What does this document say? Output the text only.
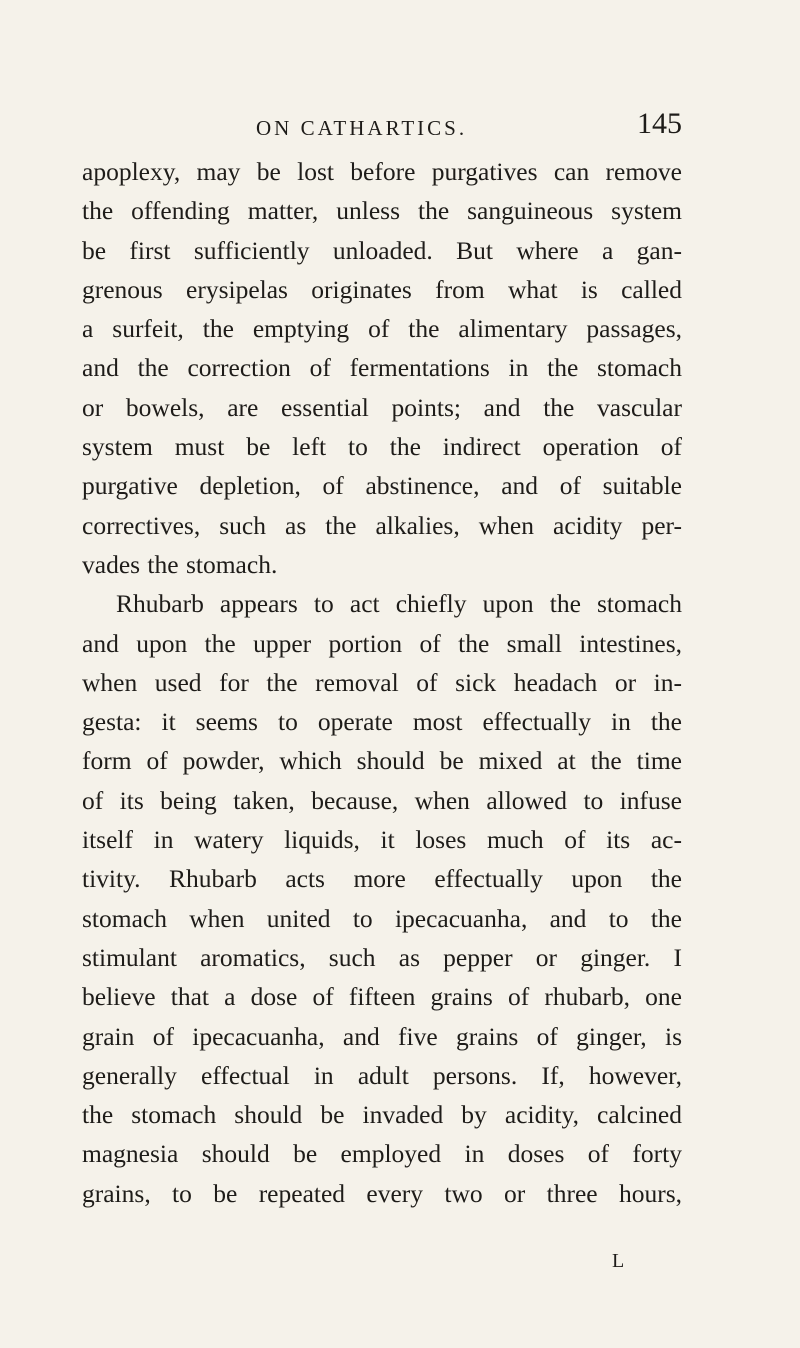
ON CATHARTICS.	145
apoplexy, may be lost before purgatives can remove
the offending matter, unless the sanguineous system
be first sufficiently unloaded. But where a gan-
grenous erysipelas originates from what is called
a surfeit, the emptying of the alimentary passages,
and the correction of fermentations in the stomach
or bowels, are essential points; and the vascular
system must be left to the indirect operation of
purgative depletion, of abstinence, and of suitable
correctives, such as the alkalies, when acidity per-
vades the stomach.
Rhubarb appears to act chiefly upon the stomach
and upon the upper portion of the small intestines,
when used for the removal of sick headach or in-
gesta: it seems to operate most effectually in the
form of powder, which should be mixed at the time
of its being taken, because, when allowed to infuse
itself in watery liquids, it loses much of its ac-
tivity. Rhubarb acts more effectually upon the
stomach when united to ipecacuanha, and to the
stimulant aromatics, such as pepper or ginger. I
believe that a dose of fifteen grains of rhubarb, one
grain of ipecacuanha, and five grains of ginger, is
generally effectual in adult persons. If, however,
the stomach should be invaded by acidity, calcined
magnesia should be employed in doses of forty
grains, to be repeated every two or three hours,
L
